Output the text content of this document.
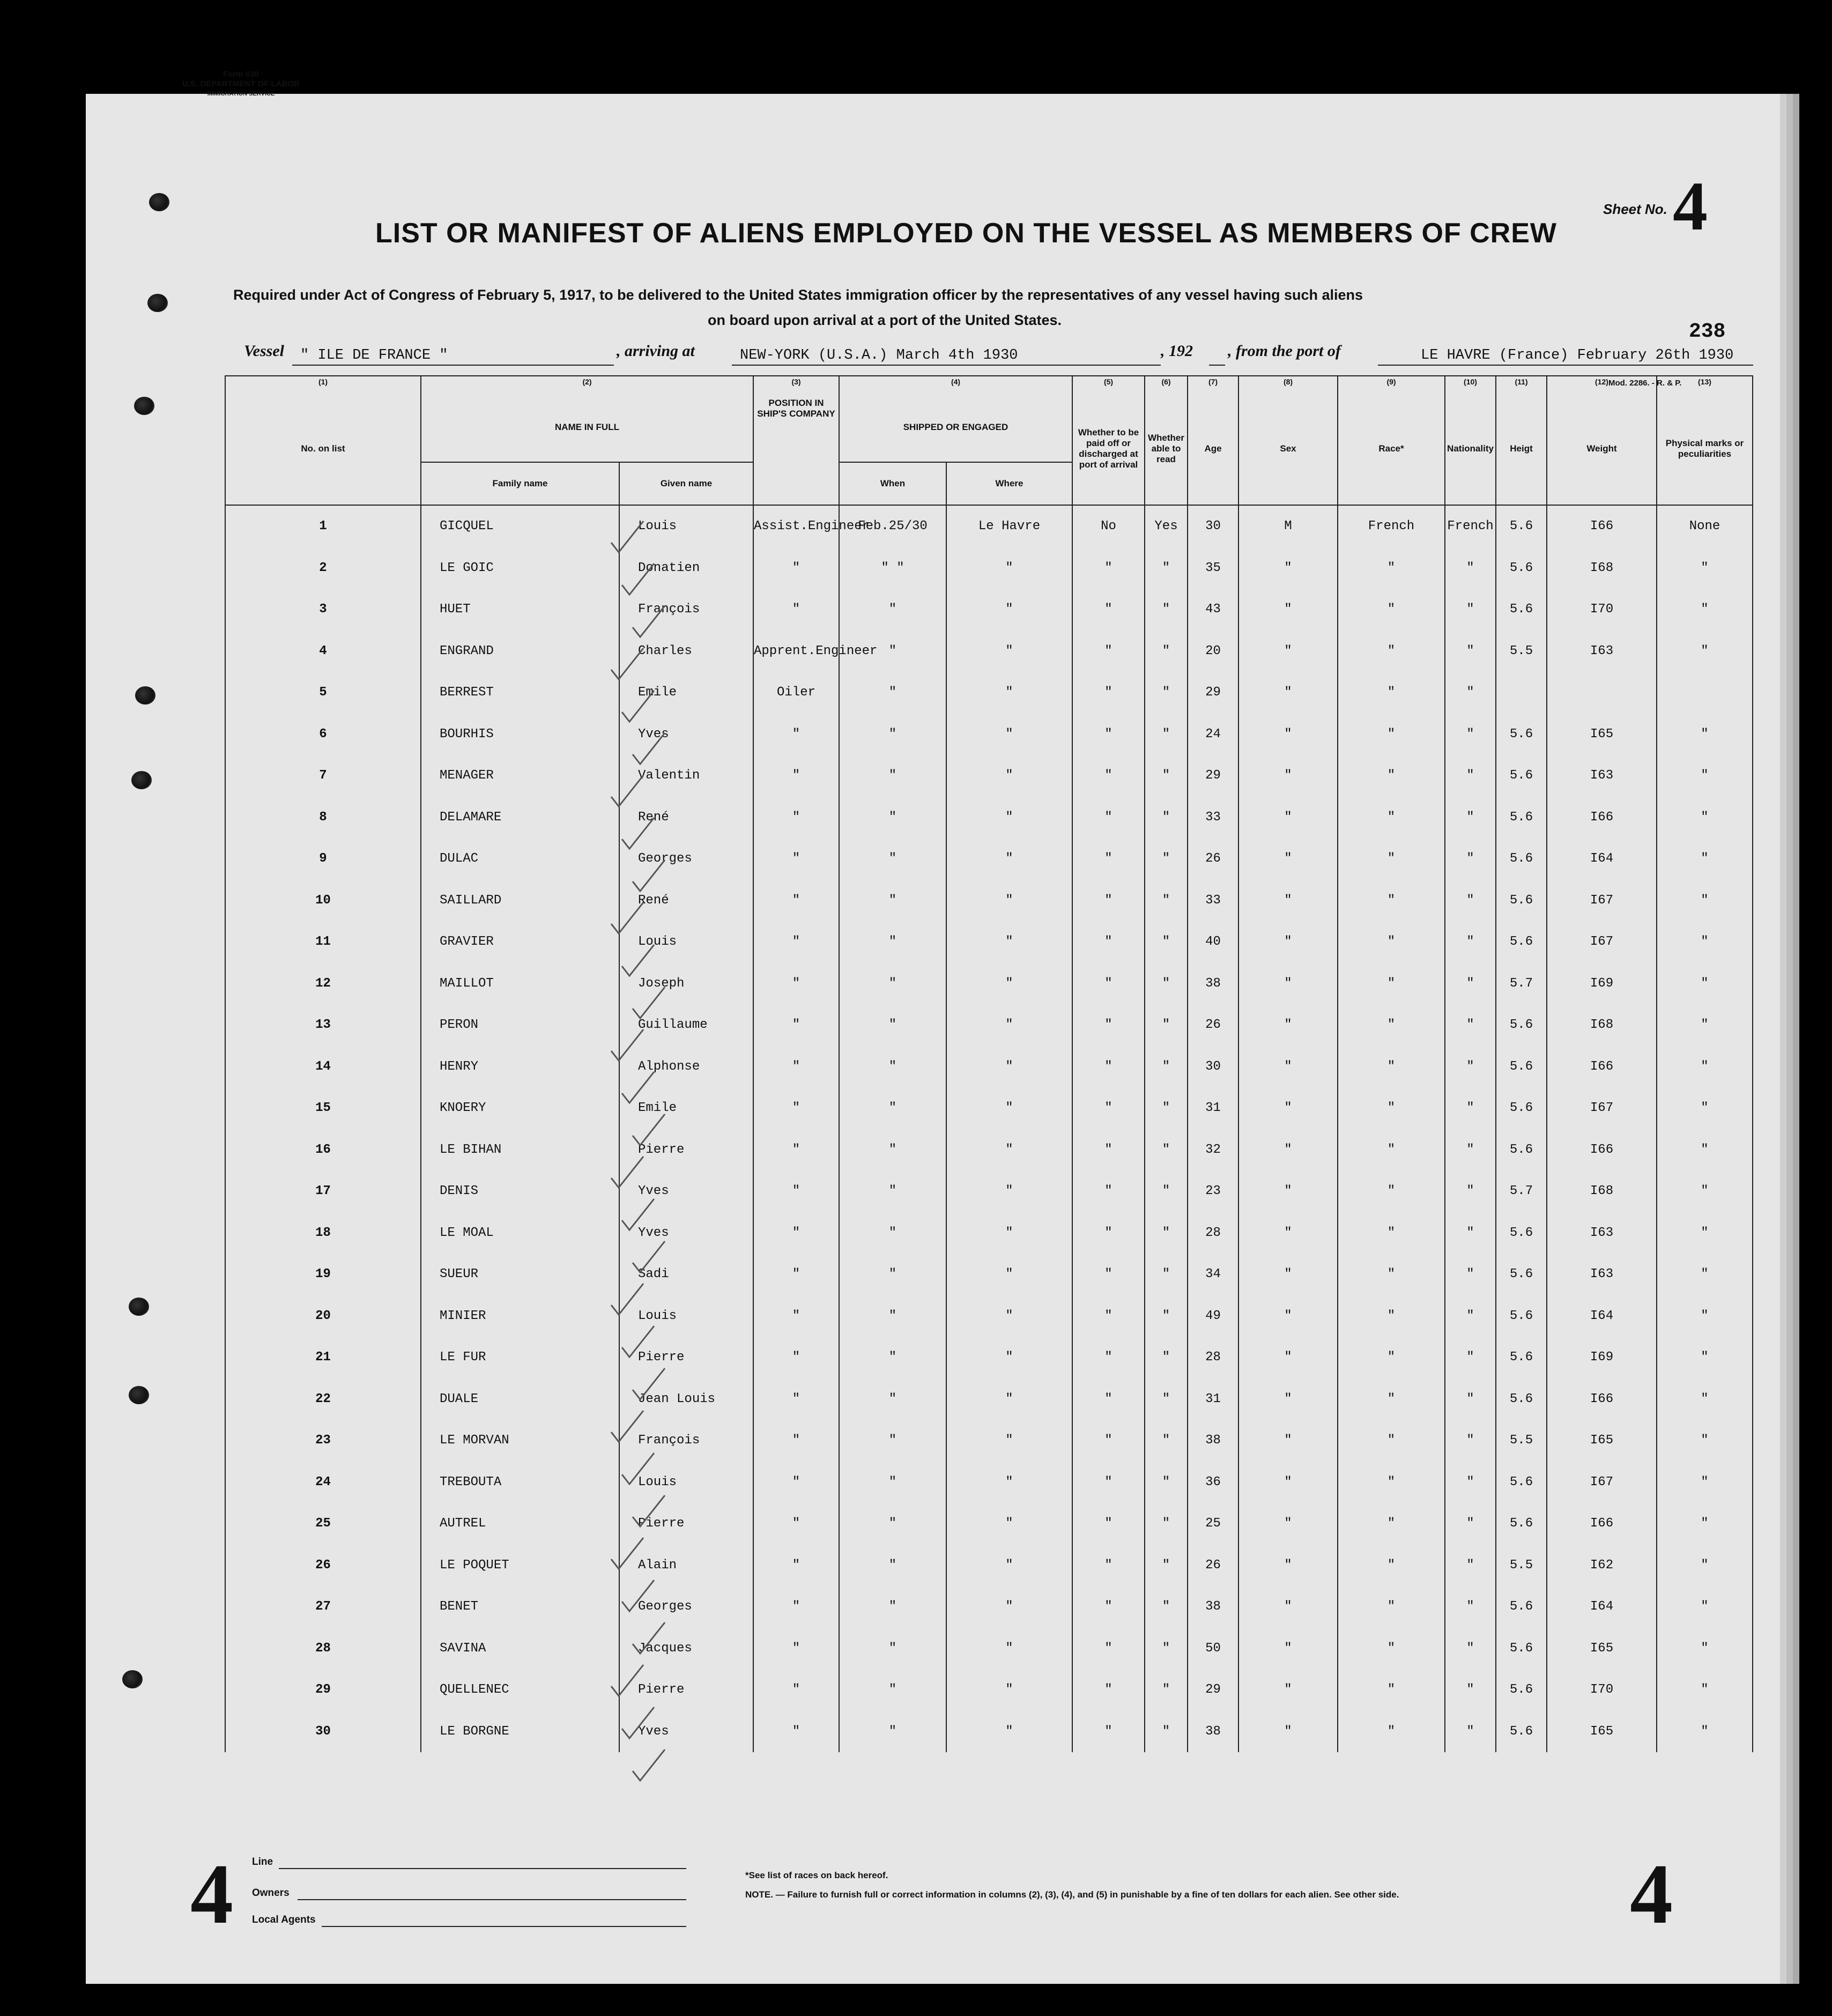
Form 630
U.S. DEPARTMENT OF LABOR
IMMIGRATION SERVICE
Sheet No. 4
LIST OR MANIFEST OF ALIENS EMPLOYED ON THE VESSEL AS MEMBERS OF CREW
Required under Act of Congress of February 5, 1917, to be delivered to the United States immigration officer by the representatives of any vessel having such aliens
on board upon arrival at a port of the United States.	238
Vessel " ILE DE FRANCE "	, arriving at	NEW-YORK (U.S.A.) March 4th 1930	, 192 , from the port of	LE HAVRE (France) February 26th 1930
Mod. 2286. - R. & P.
	(1)	(2)		(3)	(4)		(5)	(6)	(7)	(8)	(9)	(10)	(11)	(12)	(13)
	No. on list	NAME IN FULL		POSITION IN SHIP'S COMPANY	SHIPPED OR ENGAGED		Whether to be paid off or discharged at port of arrival	Whether able to read	Age	Sex	Race*	Nationality	Heigt	Weight	Physical marks or peculiarities
		Family name	Given name		When	Where									
	1	GICQUEL	Louis	Assist.Engineer	Feb.25/30	Le Havre	No	Yes	30	M	French	French	5.6	I66	None
	2	LE GOIC	Donatien	"	" "	"	"	"	35	"	"	"	5.6	I68	"
	3	HUET	François	"	"	"	"	"	43	"	"	"	5.6	I70	"
	4	ENGRAND	Charles	Apprent.Engineer	"	"	"	"	20	"	"	"	5.5	I63	"
	5	BERREST	Emile	Oiler	"	"	"	"	29	"	"	"			
	6	BOURHIS	Yves	"	"	"	"	"	24	"	"	"	5.6	I65	"
	7	MENAGER	Valentin	"	"	"	"	"	29	"	"	"	5.6	I63	"
	8	DELAMARE	René	"	"	"	"	"	33	"	"	"	5.6	I66	"
	9	DULAC	Georges	"	"	"	"	"	26	"	"	"	5.6	I64	"
	10	SAILLARD	René	"	"	"	"	"	33	"	"	"	5.6	I67	"
	11	GRAVIER	Louis	"	"	"	"	"	40	"	"	"	5.6	I67	"
	12	MAILLOT	Joseph	"	"	"	"	"	38	"	"	"	5.7	I69	"
	13	PERON	Guillaume	"	"	"	"	"	26	"	"	"	5.6	I68	"
	14	HENRY	Alphonse	"	"	"	"	"	30	"	"	"	5.6	I66	"
	15	KNOERY	Emile	"	"	"	"	"	31	"	"	"	5.6	I67	"
	16	LE BIHAN	Pierre	"	"	"	"	"	32	"	"	"	5.6	I66	"
	17	DENIS	Yves	"	"	"	"	"	23	"	"	"	5.7	I68	"
	18	LE MOAL	Yves	"	"	"	"	"	28	"	"	"	5.6	I63	"
	19	SUEUR	Sadi	"	"	"	"	"	34	"	"	"	5.6	I63	"
	20	MINIER	Louis	"	"	"	"	"	49	"	"	"	5.6	I64	"
	21	LE FUR	Pierre	"	"	"	"	"	28	"	"	"	5.6	I69	"
	22	DUALE	Jean Louis	"	"	"	"	"	31	"	"	"	5.6	I66	"
	23	LE MORVAN	François	"	"	"	"	"	38	"	"	"	5.5	I65	"
	24	TREBOUTA	Louis	"	"	"	"	"	36	"	"	"	5.6	I67	"
	25	AUTREL	Pierre	"	"	"	"	"	25	"	"	"	5.6	I66	"
	26	LE POQUET	Alain	"	"	"	"	"	26	"	"	"	5.5	I62	"
	27	BENET	Georges	"	"	"	"	"	38	"	"	"	5.6	I64	"
	28	SAVINA	Jacques	"	"	"	"	"	50	"	"	"	5.6	I65	"
	29	QUELLENEC	Pierre	"	"	"	"	"	29	"	"	"	5.6	I70	"
	30	LE BORGNE	Yves	"	"	"	"	"	38	"	"	"	5.6	I65	"
4	4
Line
Owners
Local Agents
*See list of races on back hereof.
NOTE. — Failure to furnish full or correct information in columns (2), (3), (4), and (5) in punishable by a fine of ten dollars for each alien. See other side.
